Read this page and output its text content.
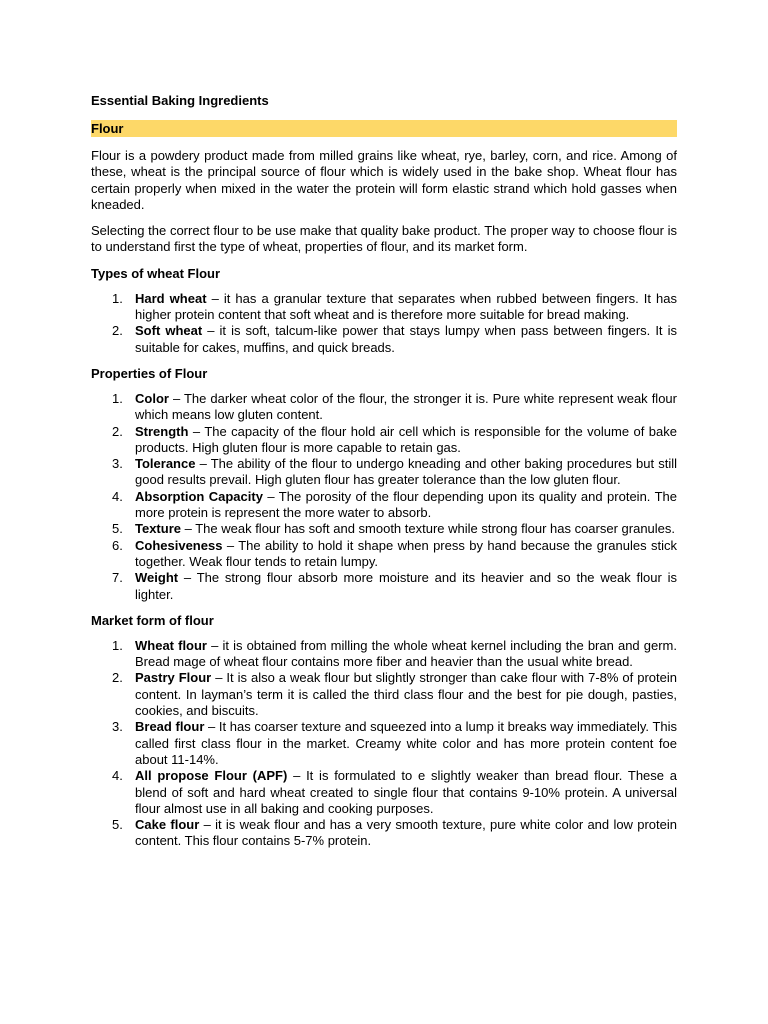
Essential Baking Ingredients
Flour

Flour is a powdery product made from milled grains like wheat, rye, barley, corn, and rice. Among of these, wheat is the principal source of flour which is widely used in the bake shop. Wheat flour has certain properly when mixed in the water the protein will form elastic strand which hold gasses when kneaded.

Selecting the correct flour to be use make that quality bake product. The proper way to choose flour is to understand first the type of wheat, properties of flour, and its market form.

Types of wheat Flour
1. Hard wheat – it has a granular texture that separates when rubbed between fingers. It has higher protein content that soft wheat and is therefore more suitable for bread making.
2. Soft wheat – it is soft, talcum-like power that stays lumpy when pass between fingers. It is suitable for cakes, muffins, and quick breads.
Properties of Flour
1. Color – The darker wheat color of the flour, the stronger it is. Pure white represent weak flour which means low gluten content.
2. Strength – The capacity of the flour hold air cell which is responsible for the volume of bake products. High gluten flour is more capable to retain gas.
3. Tolerance – The ability of the flour to undergo kneading and other baking procedures but still good results prevail. High gluten flour has greater tolerance than the low gluten flour.
4. Absorption Capacity – The porosity of the flour depending upon its quality and protein. The more protein is represent the more water to absorb.
5. Texture – The weak flour has soft and smooth texture while strong flour has coarser granules.
6. Cohesiveness – The ability to hold it shape when press by hand because the granules stick together. Weak flour tends to retain lumpy.
7. Weight – The strong flour absorb more moisture and its heavier and so the weak flour is lighter.
Market form of flour
1. Wheat flour – it is obtained from milling the whole wheat kernel including the bran and germ. Bread mage of wheat flour contains more fiber and heavier than the usual white bread.
2. Pastry Flour – It is also a weak flour but slightly stronger than cake flour with 7-8% of protein content. In layman’s term it is called the third class flour and the best for pie dough, pasties, cookies, and biscuits.
3. Bread flour – It has coarser texture and squeezed into a lump it breaks way immediately. This called first class flour in the market. Creamy white color and has more protein content foe about 11-14%.
4. All propose Flour (APF) – It is formulated to e slightly weaker than bread flour. These a blend of soft and hard wheat created to single flour that contains 9-10% protein. A universal flour almost use in all baking and cooking purposes.
5. Cake flour – it is weak flour and has a very smooth texture, pure white color and low protein content. This flour contains 5-7% protein.
